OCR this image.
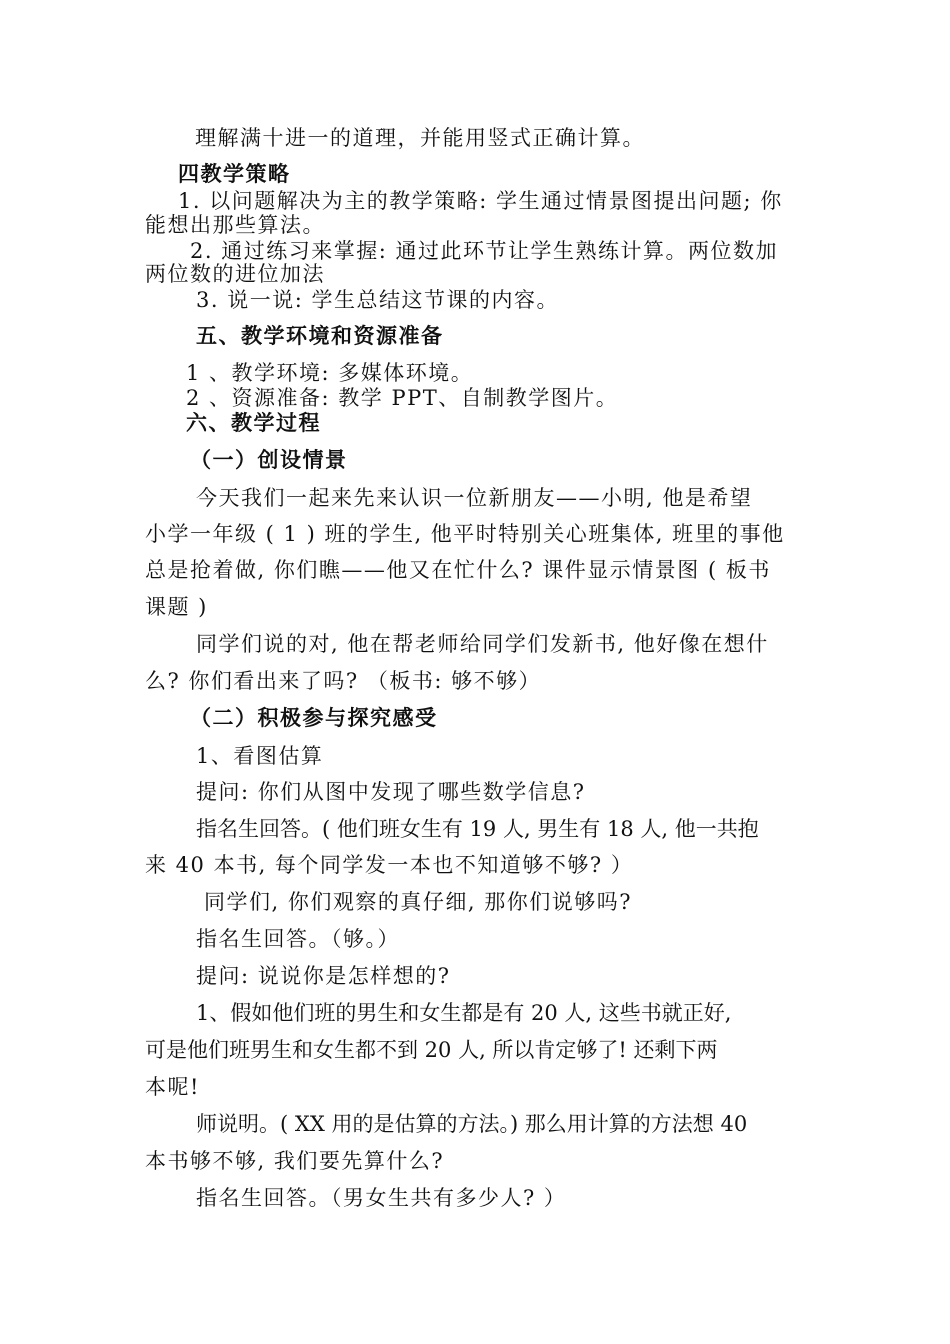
理解满十进一的道理，并能用竖式正确计算。
四教学策略
1. 以问题解决为主的教学策略: 学生通过情景图提出问题; 你
能想出那些算法。
2. 通过练习来掌握: 通过此环节让学生熟练计算。两位数加
两位数的进位加法
3. 说一说: 学生总结这节课的内容。
五、教学环境和资源准备
1 、教学环境: 多媒体环境。
2 、资源准备: 教学 PPT、自制教学图片。
六、教学过程
（一）创设情景
今天我们一起来先来认识一位新朋友——小明, 他是希望
小学一年级 ( 1 ) 班的学生, 他平时特别关心班集体, 班里的事他
总是抢着做, 你们瞧——他又在忙什么? 课件显示情景图 ( 板书
课题 )
同学们说的对, 他在帮老师给同学们发新书, 他好像在想什
么? 你们看出来了吗? （板书: 够不够）
（二）积极参与探究感受
1、看图估算
提问: 你们从图中发现了哪些数学信息?
指名生回答。( 他们班女生有 19 人, 男生有 18 人, 他一共抱
来 40 本书, 每个同学发一本也不知道够不够? ）
同学们, 你们观察的真仔细, 那你们说够吗?
指名生回答。（够。）
提问: 说说你是怎样想的?
1、假如他们班的男生和女生都是有 20 人, 这些书就正好,
可是他们班男生和女生都不到 20 人, 所以肯定够了! 还剩下两
本呢!
师说明。( XX 用的是估算的方法。) 那么用计算的方法想 40
本书够不够, 我们要先算什么?
指名生回答。（男女生共有多少人? ）
